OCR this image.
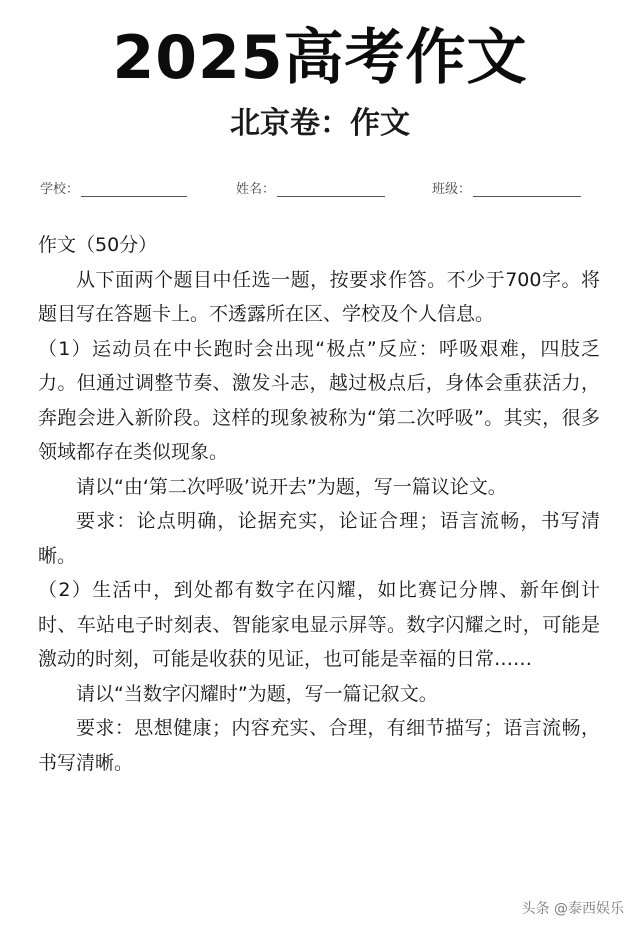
2025高考作文
北京卷：作文
学校：	姓名：	班级：

作文（50分）

从下面两个题目中任选一题，按要求作答。不少于700字。将题目写在答题卡上。不透露所在区、学校及个人信息。

（1）运动员在中长跑时会出现“极点”反应：呼吸艰难，四肢乏力。但通过调整节奏、激发斗志，越过极点后，身体会重获活力，奔跑会进入新阶段。这样的现象被称为“第二次呼吸”。其实，很多领域都存在类似现象。

请以“由‘第二次呼吸’说开去”为题，写一篇议论文。

要求：论点明确，论据充实，论证合理；语言流畅，书写清晰。

（2）生活中，到处都有数字在闪耀，如比赛记分牌、新年倒计时、车站电子时刻表、智能家电显示屏等。数字闪耀之时，可能是激动的时刻，可能是收获的见证，也可能是幸福的日常……

请以“当数字闪耀时”为题，写一篇记叙文。

要求：思想健康；内容充实、合理，有细节描写；语言流畅，书写清晰。

头条 @泰西娱乐
